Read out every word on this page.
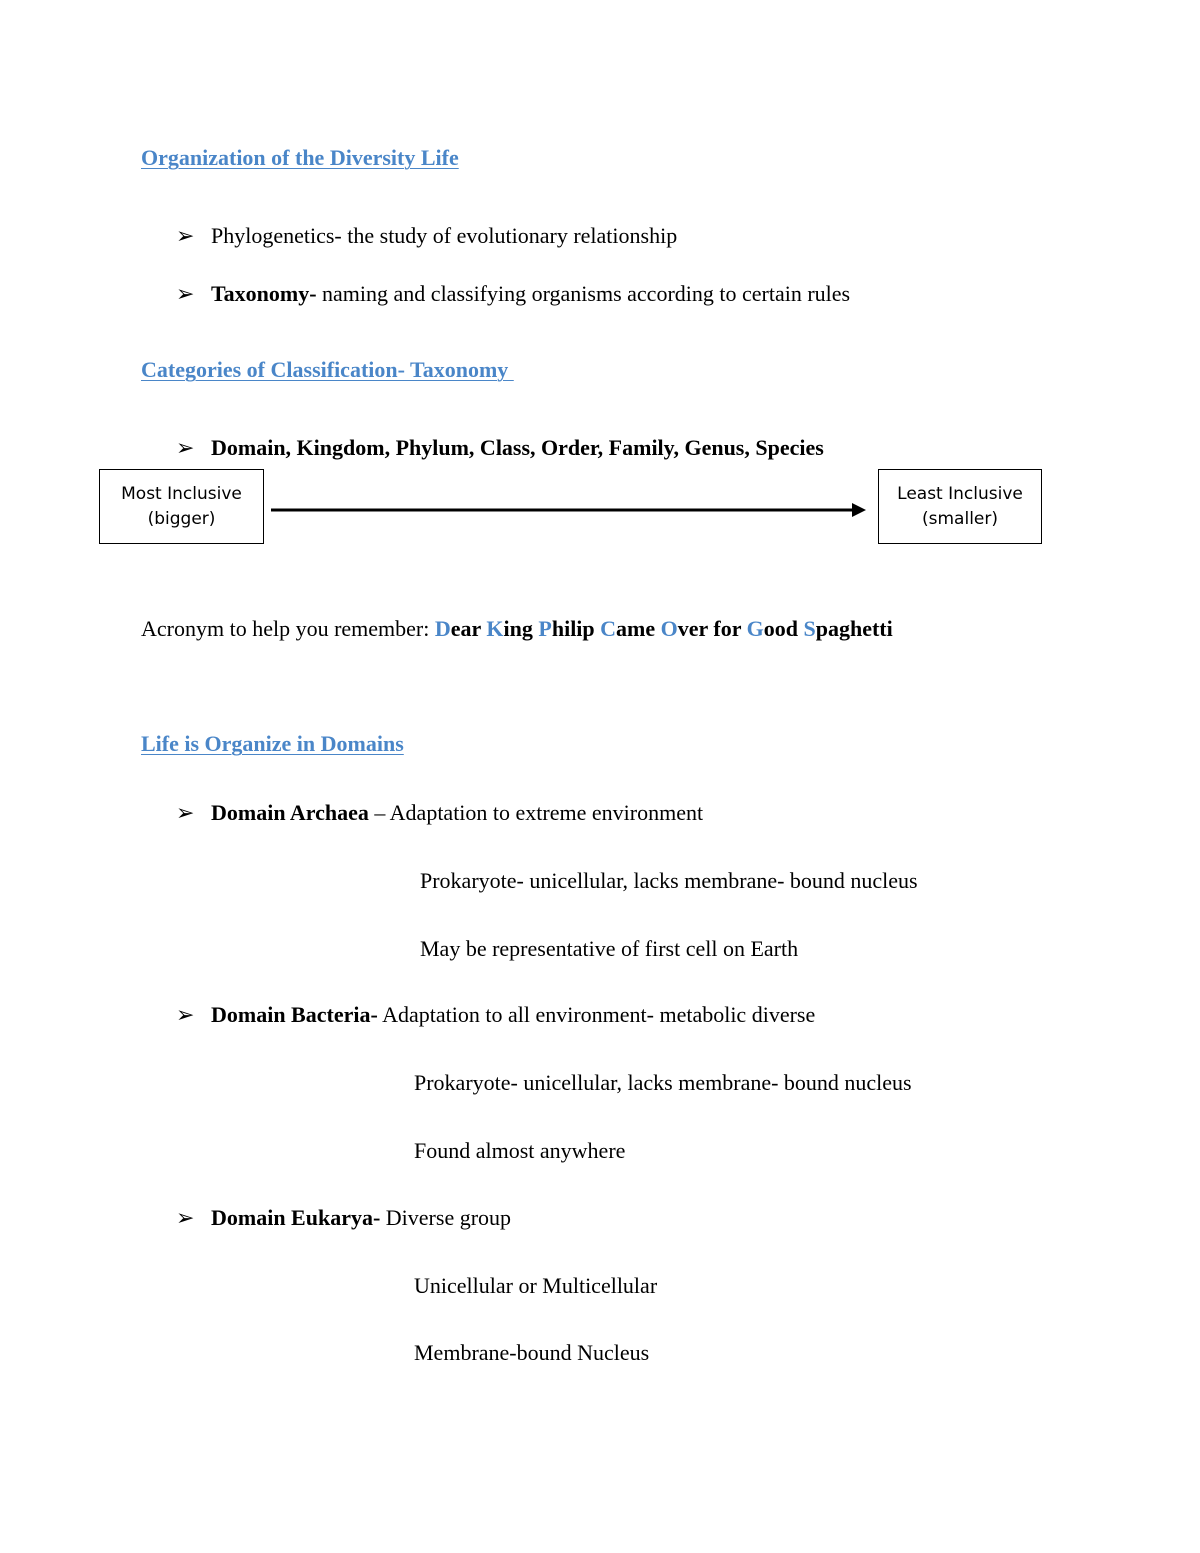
Organization of the Diversity Life
➢ Phylogenetics- the study of evolutionary relationship
➢ Taxonomy- naming and classifying organisms according to certain rules
Categories of Classification- Taxonomy
➢ Domain, Kingdom, Phylum, Class, Order, Family, Genus, Species
Most Inclusive
(bigger)
Least Inclusive
(smaller)
Acronym to help you remember: Dear King Philip Came Over for Good Spaghetti
Life is Organize in Domains
➢ Domain Archaea – Adaptation to extreme environment
Prokaryote- unicellular, lacks membrane- bound nucleus
May be representative of first cell on Earth
➢ Domain Bacteria- Adaptation to all environment- metabolic diverse
Prokaryote- unicellular, lacks membrane- bound nucleus
Found almost anywhere
➢ Domain Eukarya- Diverse group
Unicellular or Multicellular
Membrane-bound Nucleus
